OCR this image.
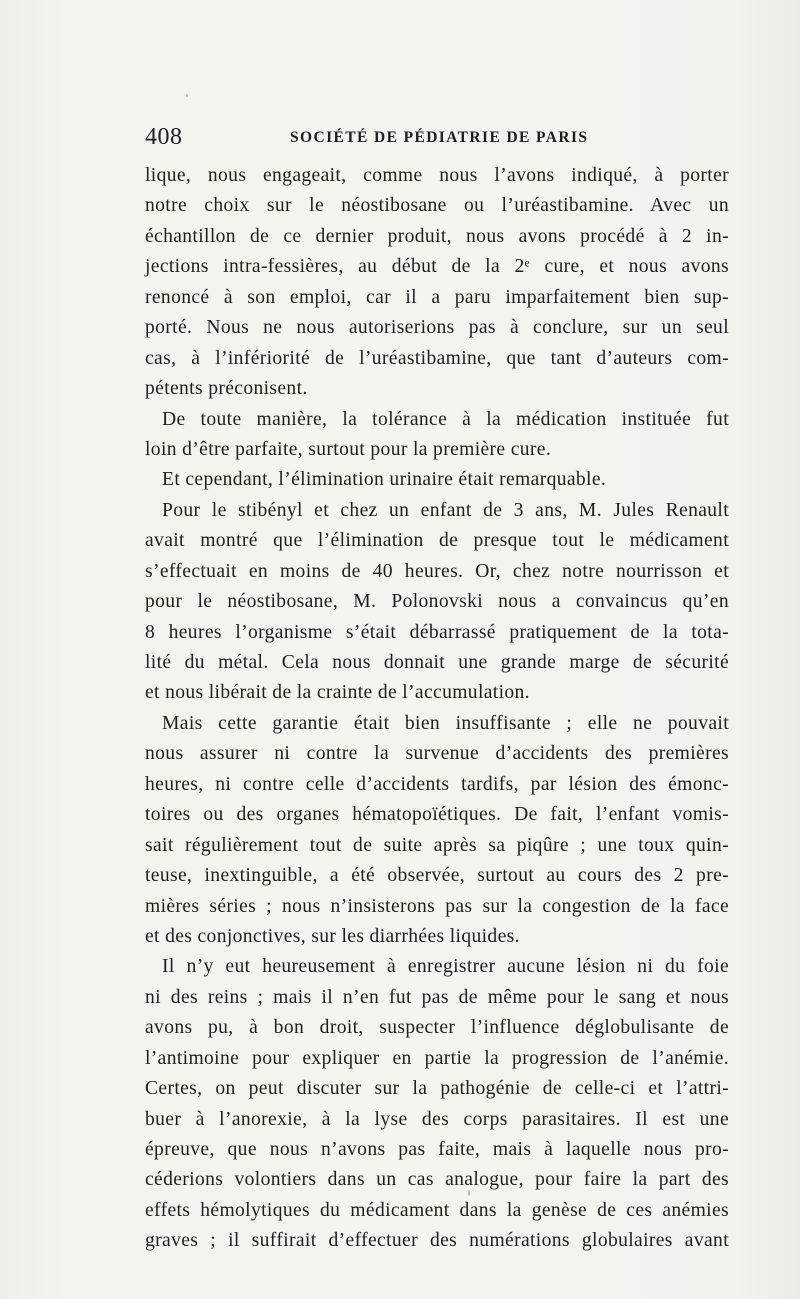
408	SOCIÉTÉ DE PÉDIATRIE DE PARIS
lique, nous engageait, comme nous l’avons indiqué, à porter
notre choix sur le néostibosane ou l’uréastibamine. Avec un
échantillon de ce dernier produit, nous avons procédé à 2 in-
jections intra-fessières, au début de la 2ᵉ cure, et nous avons
renoncé à son emploi, car il a paru imparfaitement bien sup-
porté. Nous ne nous autoriserions pas à conclure, sur un seul
cas, à l’infériorité de l’uréastibamine, que tant d’auteurs com-
pétents préconisent.
De toute manière, la tolérance à la médication instituée fut
loin d’être parfaite, surtout pour la première cure.
Et cependant, l’élimination urinaire était remarquable.
Pour le stibényl et chez un enfant de 3 ans, M. Jules Renault
avait montré que l’élimination de presque tout le médicament
s’effectuait en moins de 40 heures. Or, chez notre nourrisson et
pour le néostibosane, M. Polonovski nous a convaincus qu’en
8 heures l’organisme s’était débarrassé pratiquement de la tota-
lité du métal. Cela nous donnait une grande marge de sécurité
et nous libérait de la crainte de l’accumulation.
Mais cette garantie était bien insuffisante ; elle ne pouvait
nous assurer ni contre la survenue d’accidents des premières
heures, ni contre celle d’accidents tardifs, par lésion des émonc-
toires ou des organes hématopoïétiques. De fait, l’enfant vomis-
sait régulièrement tout de suite après sa piqûre ; une toux quin-
teuse, inextinguible, a été observée, surtout au cours des 2 pre-
mières séries ; nous n’insisterons pas sur la congestion de la face
et des conjonctives, sur les diarrhées liquides.
Il n’y eut heureusement à enregistrer aucune lésion ni du foie
ni des reins ; mais il n’en fut pas de même pour le sang et nous
avons pu, à bon droit, suspecter l’influence déglobulisante de
l’antimoine pour expliquer en partie la progression de l’anémie.
Certes, on peut discuter sur la pathogénie de celle-ci et l’attri-
buer à l’anorexie, à la lyse des corps parasitaires. Il est une
épreuve, que nous n’avons pas faite, mais à laquelle nous pro-
céderions volontiers dans un cas analogue, pour faire la part des
effets hémolytiques du médicament dans la genèse de ces anémies
graves ; il suffirait d’effectuer des numérations globulaires avant
